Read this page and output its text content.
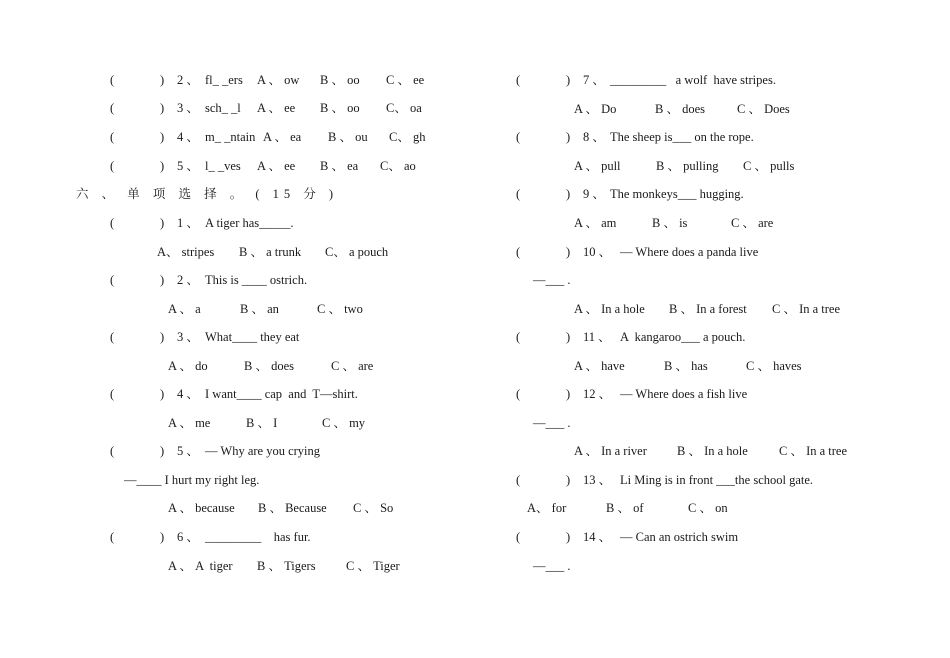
(	) 2 、 fl_ _ers A 、 ow B 、 oo C 、 ee
(	) 3 、 sch_ _l A 、 ee B 、 oo C、 oa
(	) 4 、 m_ _ntain A 、 ea B 、 ou C、 gh
(	) 5 、 l_ _ves A 、 ee B 、 ea C、 ao
六 、 单 项 选 择 。 ( 15 分 )
(	) 1 、 A tiger has_____.
A、 stripes B 、 a trunk C、 a pouch
(	) 2 、 This is ____ ostrich.
A 、 a	B 、 an	C 、 two
(	) 3 、 What____ they eat
A 、 do	B 、 does	C 、 are
(	) 4 、 I want____ cap  and  T—shirt.
A 、 me	B 、 I	C 、 my
(	) 5 、 — Why are you crying
—____ I hurt my right leg.
A 、 because B 、 Because C 、 So
(	) 6 、 _________    has fur.
A 、 A  tiger B 、 Tigers C 、 Tiger
(	) 7 、 _________   a wolf  have stripes.
A 、 Do	B 、 does	C 、 Does
(	) 8 、 The sheep is___ on the rope.
A 、 pull	B 、 pulling C 、 pulls
(	) 9 、 The monkeys___ hugging.
A 、 am	B 、 is	C 、 are
(	) 10 、 — Where does a panda live
—___ .
A 、 In a hole B 、 In a forest C 、 In a tree
(	) 11 、 A  kangaroo___ a pouch.
A 、 have	B 、 has	C 、 haves
(	) 12 、 — Where does a fish live
—___ .
A 、 In a river B 、 In a hole C 、 In a tree
(	) 13 、 Li Ming is in front ___the school gate.
A、 for	B 、 of	C 、 on
(	) 14 、 — Can an ostrich swim
—___ .
